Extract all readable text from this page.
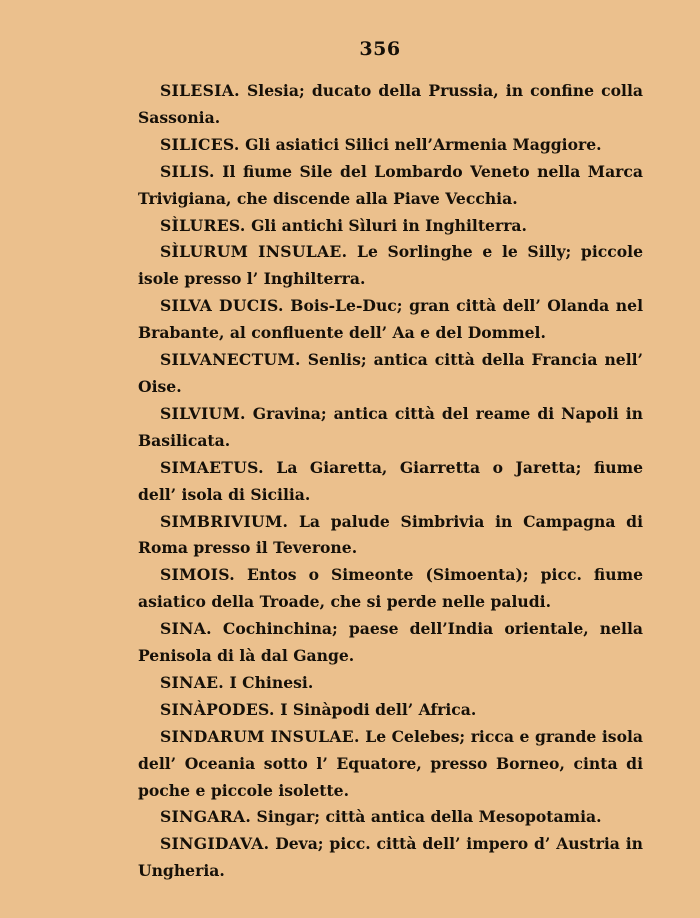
356

SILESIA. Slesia; ducato della Prussia, in confine colla Sassonia.

SILICES. Gli asiatici Silici nell’Armenia Maggiore.

SILIS. Il fiume Sile del Lombardo Veneto nella Marca Trivigiana, che discende alla Piave Vecchia.

SÌLURES. Gli antichi Sìluri in Inghilterra.

SÌLURUM INSULAE. Le Sorlinghe e le Silly; piccole isole presso l’ Inghilterra.

SILVA DUCIS. Bois-Le-Duc; gran città dell’ Olanda nel Brabante, al confluente dell’ Aa e del Dommel.

SILVANECTUM. Senlis; antica città della Francia nell’ Oise.

SILVIUM. Gravina; antica città del reame di Napoli in Basilicata.

SIMAETUS. La Giaretta, Giarretta o Jaretta; fiume dell’ isola di Sicilia.

SIMBRIVIUM. La palude Simbrivia in Campagna di Roma presso il Teverone.

SIMOIS. Entos o Simeonte (Simoenta); picc. fiume asiatico della Troade, che si perde nelle paludi.

SINA. Cochinchina; paese dell’India orientale, nella Penisola di là dal Gange.

SINAE. I Chinesi.

SINÀPODES. I Sinàpodi dell’ Africa.

SINDARUM INSULAE. Le Celebes; ricca e grande isola dell’ Oceania sotto l’ Equatore, presso Borneo, cinta di poche e piccole isolette.

SINGARA. Singar; città antica della Mesopotamia.

SINGIDAVA. Deva; picc. città dell’ impero d’ Austria in Ungheria.
